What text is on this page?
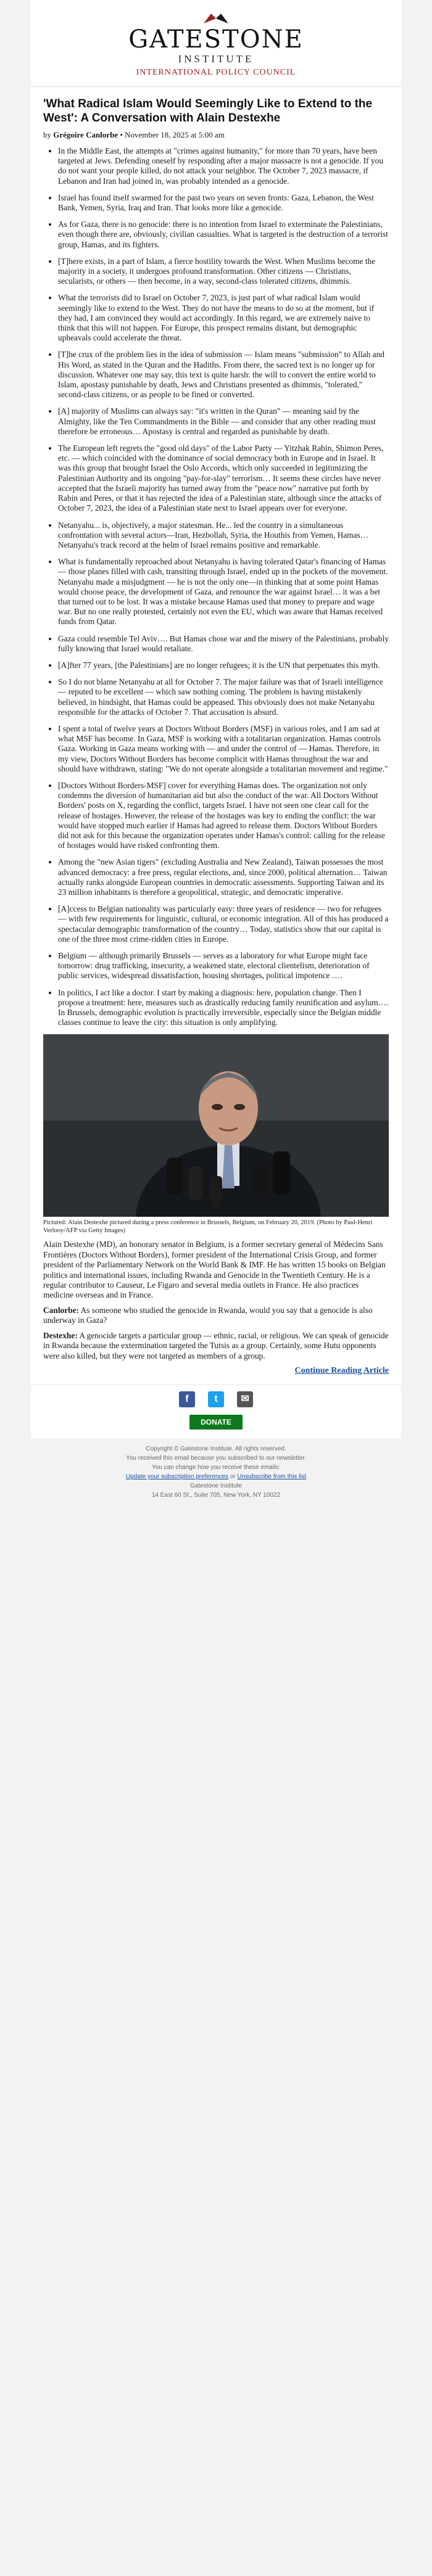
GATESTONE
INSTITUTE
INTERNATIONAL POLICY COUNCIL
'What Radical Islam Would Seemingly Like to Extend to the West': A Conversation with Alain Destexhe
by Grégoire Canlorbe • November 18, 2025 at 5:00 am
• In the Middle East, the attempts at "crimes against humanity," for more than 70 years, have been targeted at Jews. Defending oneself by responding after a major massacre is not a genocide. If you do not want your people killed, do not attack your neighbor. The October 7, 2023 massacre, if Lebanon and Iran had joined in, was probably intended as a genocide.
• Israel has found itself swarmed for the past two years on seven fronts: Gaza, Lebanon, the West Bank, Yemen, Syria, Iraq and Iran. That looks more like a genocide.
• As for Gaza, there is no genocide: there is no intention from Israel to exterminate the Palestinians, even though there are, obviously, civilian casualties. What is targeted is the destruction of a terrorist group, Hamas, and its fighters.
• [T]here exists, in a part of Islam, a fierce hostility towards the West. When Muslims become the majority in a society, it undergoes profound transformation. Other citizens — Christians, secularists, or others — then become, in a way, second-class tolerated citizens, dhimmis.
• What the terrorists did to Israel on October 7, 2023, is just part of what radical Islam would seemingly like to extend to the West. They do not have the means to do so at the moment, but if they had, I am convinced they would act accordingly. In this regard, we are extremely naive to think that this will not happen. For Europe, this prospect remains distant, but demographic upheavals could accelerate the threat.
• [T]he crux of the problem lies in the idea of submission — Islam means "submission" to Allah and His Word, as stated in the Quran and the Hadiths. From there, the sacred text is no longer up for discussion. Whatever one may say, this text is quite harsh: the will to convert the entire world to Islam, apostasy punishable by death, Jews and Christians presented as dhimmis, "tolerated," second-class citizens, or as people to be fined or converted.
• [A] majority of Muslims can always say: "it's written in the Quran" — meaning said by the Almighty, like the Ten Commandments in the Bible — and consider that any other reading must therefore be erroneous… Apostasy is central and regarded as punishable by death.
• The European left regrets the "good old days" of the Labor Party — Yitzhak Rabin, Shimon Peres, etc. — which coincided with the dominance of social democracy both in Europe and in Israel. It was this group that brought Israel the Oslo Accords, which only succeeded in legitimizing the Palestinian Authority and its ongoing "pay-for-slay" terrorism… It seems these circles have never accepted that the Israeli majority has turned away from the "peace now" narrative put forth by Rabin and Peres, or that it has rejected the idea of a Palestinian state, although since the attacks of October 7, 2023, the idea of a Palestinian state next to Israel appears over for everyone.
• Netanyahu... is, objectively, a major statesman. He... led the country in a simultaneous confrontation with several actors—Iran, Hezbollah, Syria, the Houthis from Yemen, Hamas… Netanyahu's track record at the helm of Israel remains positive and remarkable.
• What is fundamentally reproached about Netanyahu is having tolerated Qatar's financing of Hamas — those planes filled with cash, transiting through Israel, ended up in the pockets of the movement. Netanyahu made a misjudgment — he is not the only one—in thinking that at some point Hamas would choose peace, the development of Gaza, and renounce the war against Israel… it was a bet that turned out to be lost. It was a mistake because Hamas used that money to prepare and wage war. But no one really protested, certainly not even the EU, which was aware that Hamas received funds from Qatar.
• Gaza could resemble Tel Aviv…. But Hamas chose war and the misery of the Palestinians, probably fully knowing that Israel would retaliate.
• [A]fter 77 years, [the Palestinians] are no longer refugees; it is the UN that perpetuates this myth.
• So I do not blame Netanyahu at all for October 7. The major failure was that of Israeli intelligence — reputed to be excellent — which saw nothing coming. The problem is having mistakenly believed, in hindsight, that Hamas could be appeased. This obviously does not make Netanyahu responsible for the attacks of October 7. That accusation is absurd.
• I spent a total of twelve years at Doctors Without Borders (MSF) in various roles, and I am sad at what MSF has become. In Gaza, MSF is working with a totalitarian organization. Hamas controls Gaza. Working in Gaza means working with — and under the control of — Hamas. Therefore, in my view, Doctors Without Borders has become complicit with Hamas throughout the war and should have withdrawn, stating: "We do not operate alongside a totalitarian movement and regime."
• [Doctors Without Borders-MSF] cover for everything Hamas does. The organization not only condemns the diversion of humanitarian aid but also the conduct of the war. All Doctors Without Borders' posts on X, regarding the conflict, targets Israel. I have not seen one clear call for the release of hostages. However, the release of the hostages was key to ending the conflict: the war would have stopped much earlier if Hamas had agreed to release them. Doctors Without Borders did not ask for this because the organization operates under Hamas's control: calling for the release of hostages would have risked confronting them.
• Among the "new Asian tigers" (excluding Australia and New Zealand), Taiwan possesses the most advanced democracy: a free press, regular elections, and, since 2000, political alternation… Taiwan actually ranks alongside European countries in democratic assessments. Supporting Taiwan and its 23 million inhabitants is therefore a geopolitical, strategic, and democratic imperative.
• [A]ccess to Belgian nationality was particularly easy: three years of residence — two for refugees — with few requirements for linguistic, cultural, or economic integration. All of this has produced a spectacular demographic transformation of the country… Today, statistics show that our capital is one of the three most crime-ridden cities in Europe.
• Belgium — although primarily Brussels — serves as a laboratory for what Europe might face tomorrow: drug trafficking, insecurity, a weakened state, electoral clientelism, deterioration of public services, widespread dissatisfaction, housing shortages, political impotence ….
• In politics, I act like a doctor. I start by making a diagnosis: here, population change. Then I propose a treatment: here, measures such as drastically reducing family reunification and asylum…. In Brussels, demographic evolution is practically irreversible, especially since the Belgian middle classes continue to leave the city: this situation is only amplifying.
Pictured: Alain Destexhe pictured during a press conference in Brussels, Belgium, on February 20, 2019. (Photo by Paul-Henri Verlooy/AFP via Getty Images)

Alain Destexhe (MD), an honorary senator in Belgium, is a former secretary general of Médecins Sans Frontières (Doctors Without Borders), former president of the International Crisis Group, and former president of the Parliamentary Network on the World Bank & IMF. He has written 15 books on Belgian politics and international issues, including Rwanda and Genocide in the Twentieth Century. He is a regular contributor to Causeur, Le Figaro and several media outlets in France. He also practices medicine overseas and in France.

Canlorbe: As someone who studied the genocide in Rwanda, would you say that a genocide is also underway in Gaza?

Destexhe: A genocide targets a particular group — ethnic, racial, or religious. We can speak of genocide in Rwanda because the extermination targeted the Tutsis as a group. Certainly, some Hutu opponents were also killed, but they were not targeted as members of a group.

Continue Reading Article
f	t ✉
DONATE

Copyright © Gatestone Institute. All rights reserved.

You received this email because you subscribed to our newsletter.

You can change how you receive these emails:

Update your subscription preferences or Unsubscribe from this list

Gatestone Institute

14 East 60 St., Suite 705, New York, NY 10022
